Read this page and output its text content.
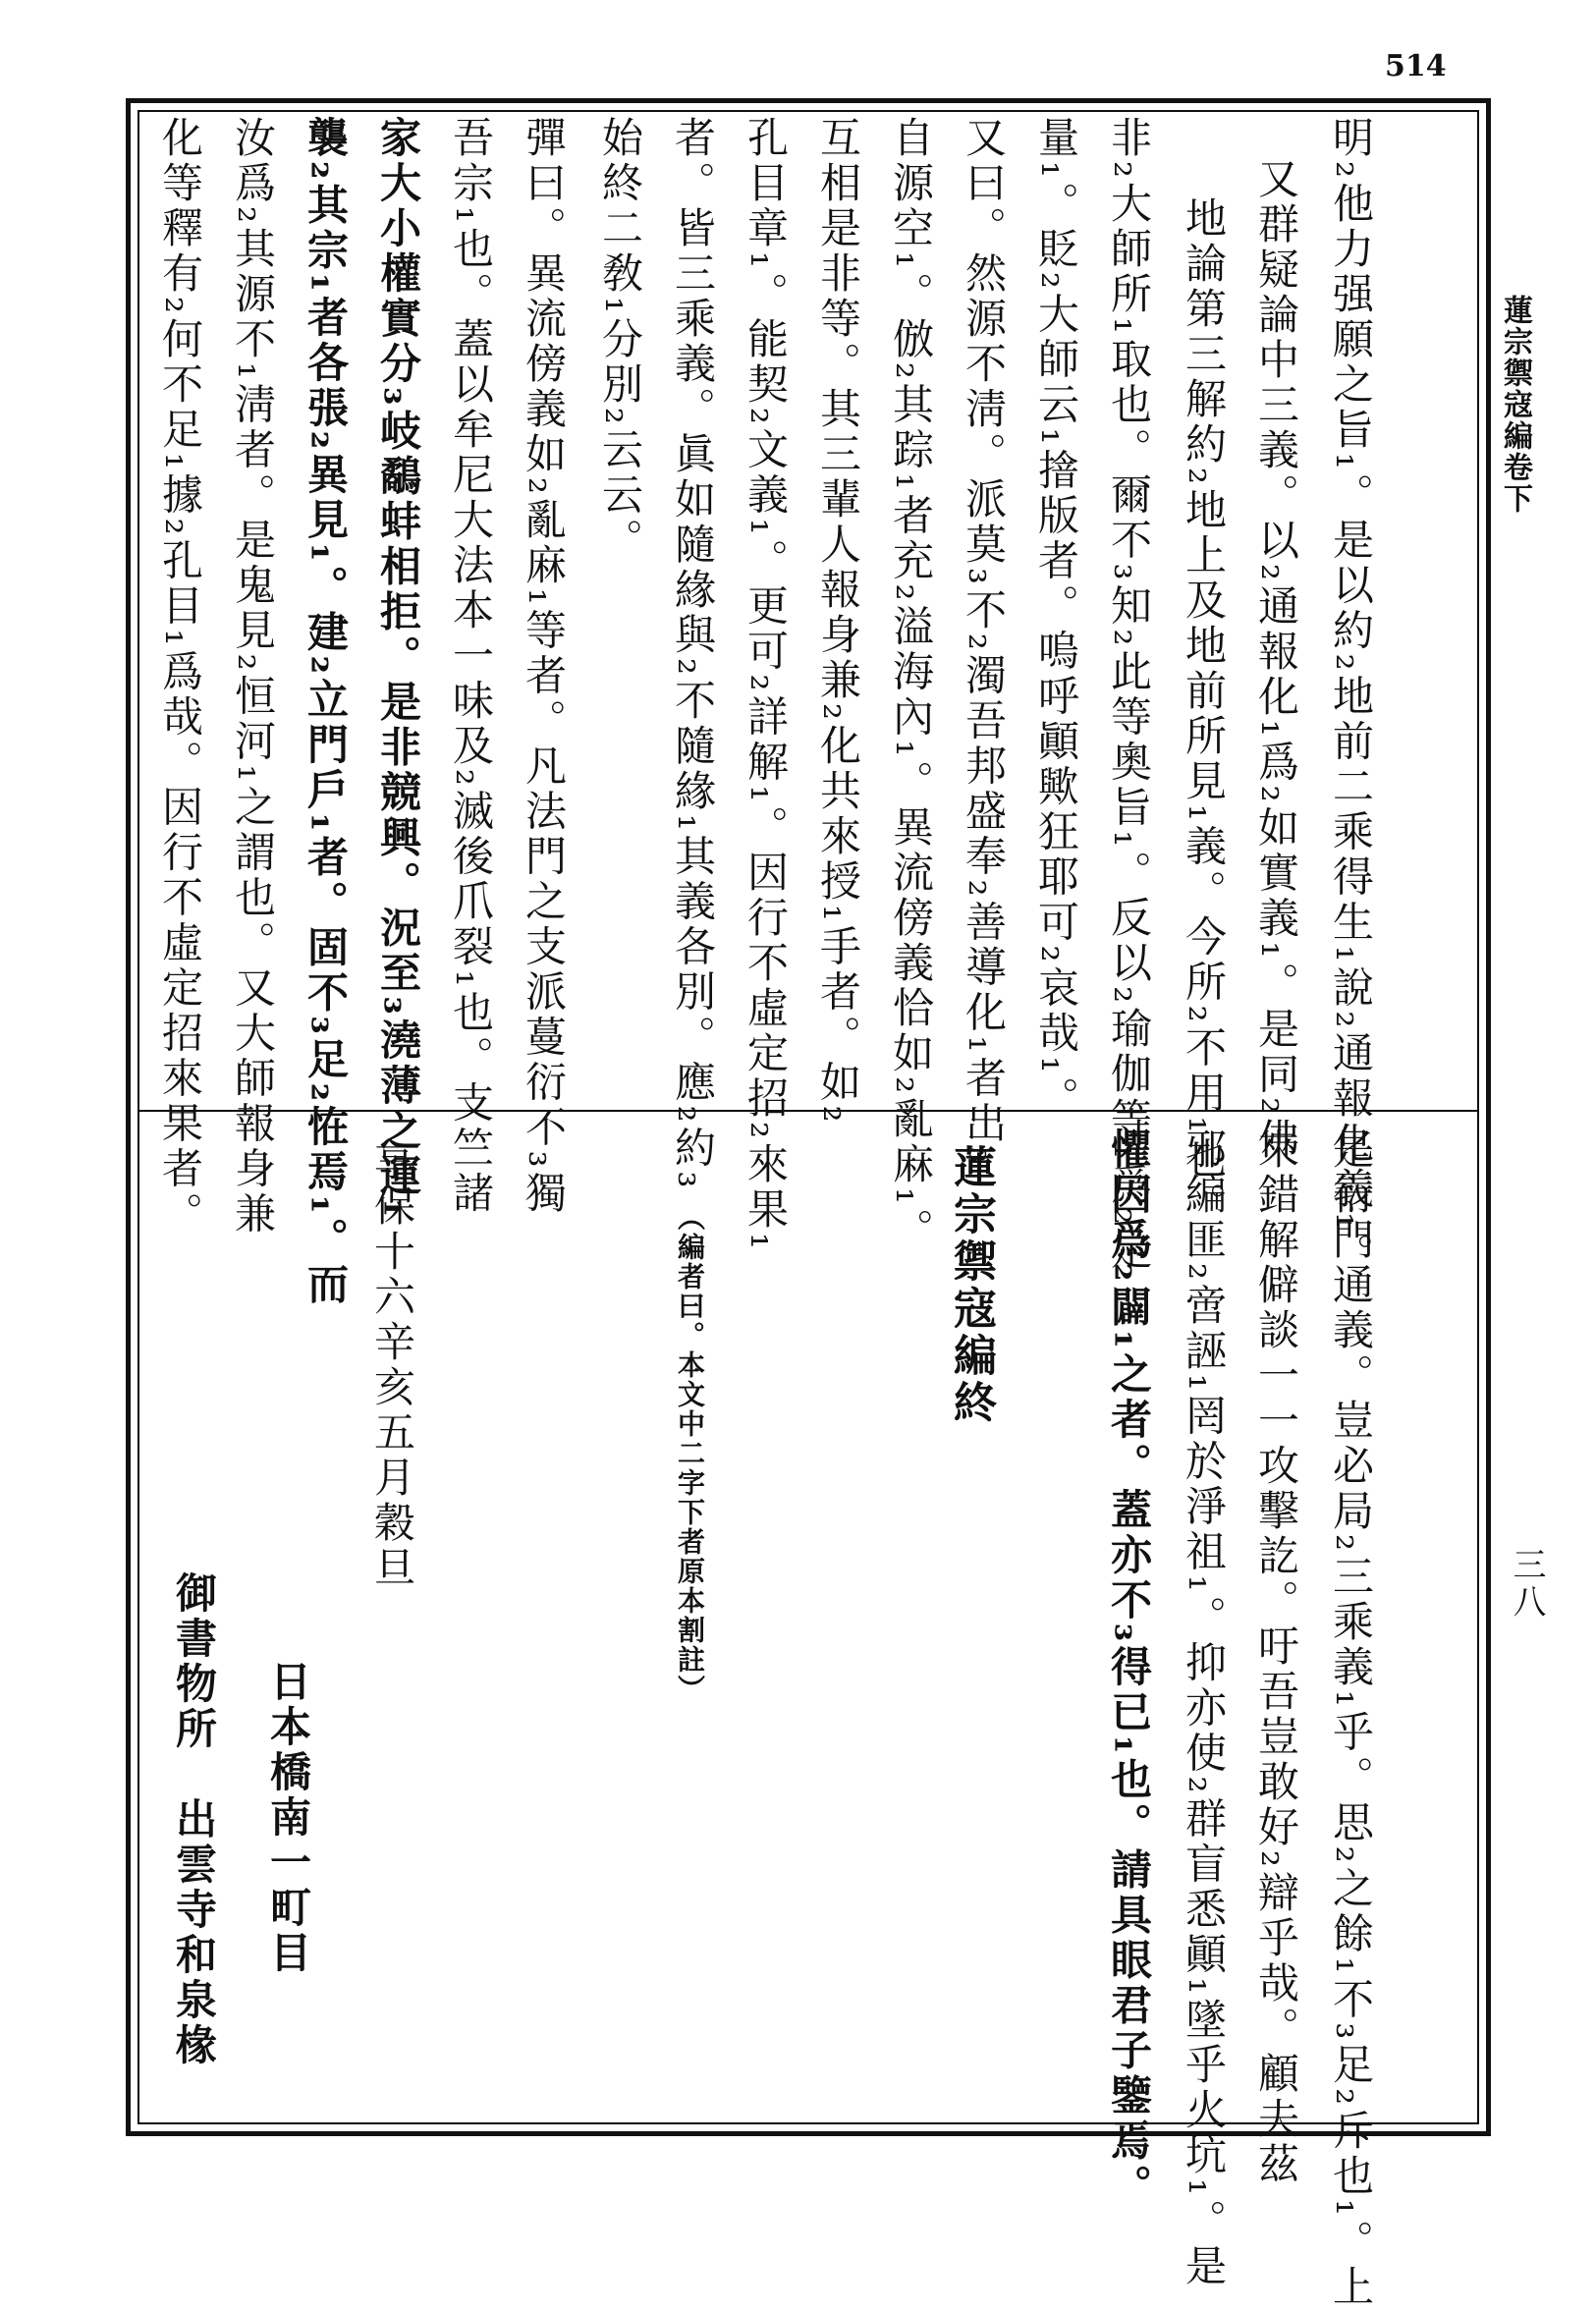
514
蓮宗禦寇編卷下
三八
明₂他力强願之旨₁。是以約₂地前二乘得生₁說₂通報化義₁。
又群疑論中三義。以₂通報化₁爲₂如實義₁。是同₂佛
地論第三解約₂地上及地前所見₁義。今所₂不用₁也。
非₂大師所₁取也。爾不₃知₂此等奧旨₁。反以₂瑜伽等₁爲₂定
量₁。貶₂大師云₁摿版者。嗚呼顚歟狂耶可₂哀哉₁。
又曰。然源不淸。派莫₃不₂濁吾邦盛奉₂善導化₁者出₃
自源空₁。倣₂其踪₁者充₂溢海內₁。異流傍義恰如₂亂麻₁。
互相是非等。其三輩人報身兼₂化共來授₁手者。如₂
孔目章₁。能契₂文義₁。更可₂詳解₁。因行不虛定招₂來果₁
者。皆三乘義。眞如隨緣與₂不隨緣₁其義各別。應₂約₃
始終二敎₁分別₂云云。
彈曰。異流傍義如₂亂麻₁等者。凡法門之支派蔓衍不₃獨
吾宗₁也。蓋以牟尼大法本一味及₂滅後爪裂₁也。支竺諸
家大小權實分₃岐鷸蚌相拒。是非競興。況至₃澆薄之運₁
襲₂其宗₁者各張₂異見₁。建₂立門戶₁者。固不₃足₂恠焉₁。而
汝爲₂其源不₁淸者。是鬼見₂恒河₁之謂也。又大師報身兼
化等釋有₂何不足₁據₂孔目₁爲哉。因行不虛定招來果者。
是衍門通義。豈必局₂三乘義₁乎。思₂之餘₁不₃足₂斥也₁。上
來錯解僻談一一攻擊訖。吁吾豈敢好₂辯乎哉。顧夫茲
邪編匪₂啻誣₁罔於淨祖₁。抑亦使₂群盲悉顚₁墜乎火坑₁。是
懼因爲₂闢₁之者。蓋亦不₃得已₁也。請具眼君子鑒焉。
蓮宗禦寇編終
（編者曰。本文中二字下者原本割註）
享保十六辛亥五月穀旦
日本橋南一町目
御書物所　出雲寺和泉椽
